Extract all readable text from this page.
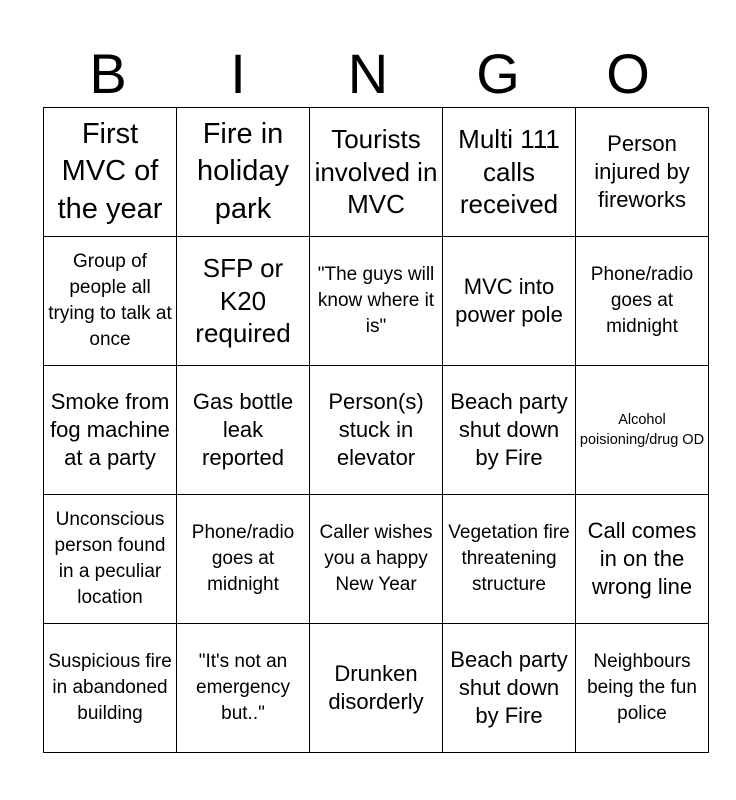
B	I	N	G	O
First MVC of the year	Fire in holiday park	Tourists involved in MVC	Multi 111 calls received	Person injured by fireworks
Group of people all trying to talk at once	SFP or K20 required	"The guys will know where it is"	MVC into power pole	Phone/radio goes at midnight
Smoke from fog machine at a party	Gas bottle leak reported	Person(s) stuck in elevator	Beach party shut down by Fire	Alcohol poisioning/drug OD
Unconscious person found in a peculiar location	Phone/radio goes at midnight	Caller wishes you a happy New Year	Vegetation fire threatening structure	Call comes in on the wrong line
Suspicious fire in abandoned building	"It's not an emergency but.."	Drunken disorderly	Beach party shut down by Fire	Neighbours being the fun police
